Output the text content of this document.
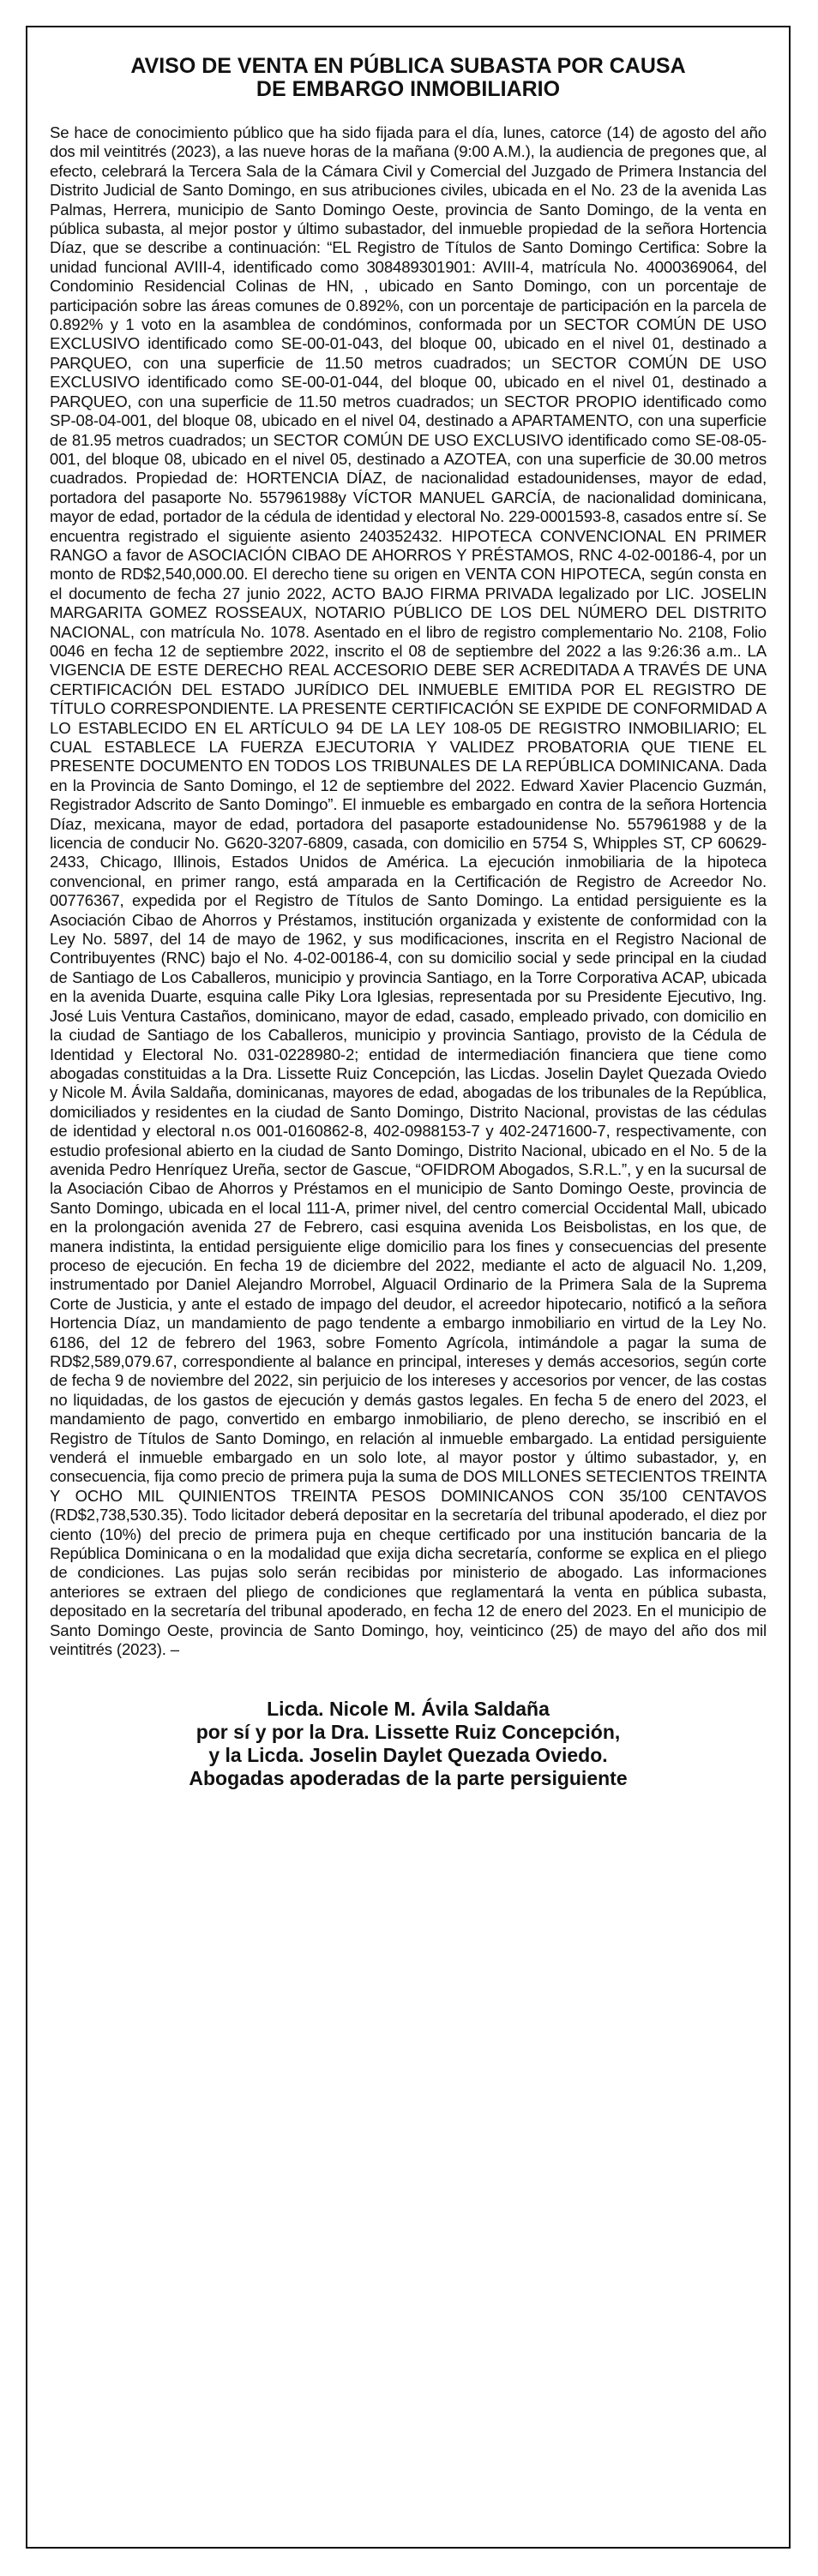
AVISO DE VENTA EN PÚBLICA SUBASTA POR CAUSA
DE EMBARGO INMOBILIARIO

Se hace de conocimiento público que ha sido fijada para el día, lunes, catorce (14) de agosto del año dos mil veintitrés (2023), a las nueve horas de la mañana (9:00 A.M.), la audiencia de pregones que, al efecto, celebrará la Tercera Sala de la Cámara Civil y Comercial del Juzgado de Primera Instancia del Distrito Judicial de Santo Domingo, en sus atribuciones civiles, ubicada en el No. 23 de la avenida Las Palmas, Herrera, municipio de Santo Domingo Oeste, provincia de Santo Domingo, de la venta en pública subasta, al mejor postor y último subastador, del inmueble propiedad de la señora Hortencia Díaz, que se describe a continuación: “EL Registro de Títulos de Santo Domingo Certifica: Sobre la unidad funcional AVIII-4, identificado como 308489301901: AVIII-4, matrícula No. 4000369064, del Condominio Residencial Colinas de HN, , ubicado en Santo Domingo, con un porcentaje de participación sobre las áreas comunes de 0.892%, con un porcentaje de participación en la parcela de 0.892% y 1 voto en la asamblea de condóminos, conformada por un SECTOR COMÚN DE USO EXCLUSIVO identificado como SE-00-01-043, del bloque 00, ubicado en el nivel 01, destinado a PARQUEO, con una superficie de 11.50 metros cuadrados; un SECTOR COMÚN DE USO EXCLUSIVO identificado como SE-00-01-044, del bloque 00, ubicado en el nivel 01, destinado a PARQUEO, con una superficie de 11.50 metros cuadrados; un SECTOR PROPIO identificado como SP-08-04-001, del bloque 08, ubicado en el nivel 04, destinado a APARTAMENTO, con una superficie de 81.95 metros cuadrados; un SECTOR COMÚN DE USO EXCLUSIVO identificado como SE-08-05-001, del bloque 08, ubicado en el nivel 05, destinado a AZOTEA, con una superficie de 30.00 metros cuadrados. Propiedad de: HORTENCIA DÍAZ, de nacionalidad estadounidenses, mayor de edad, portadora del pasaporte No. 557961988y VÍCTOR MANUEL GARCÍA, de nacionalidad dominicana, mayor de edad, portador de la cédula de identidad y electoral No. 229-0001593-8, casados entre sí. Se encuentra registrado el siguiente asiento 240352432. HIPOTECA CONVENCIONAL EN PRIMER RANGO a favor de ASOCIACIÓN CIBAO DE AHORROS Y PRÉSTAMOS, RNC 4-02-00186-4, por un monto de RD$2,540,000.00. El derecho tiene su origen en VENTA CON HIPOTECA, según consta en el documento de fecha 27 junio 2022, ACTO BAJO FIRMA PRIVADA legalizado por LIC. JOSELIN MARGARITA GOMEZ ROSSEAUX, NOTARIO PÚBLICO DE LOS DEL NÚMERO DEL DISTRITO NACIONAL, con matrícula No. 1078. Asentado en el libro de registro complementario No. 2108, Folio 0046 en fecha 12 de septiembre 2022, inscrito el 08 de septiembre del 2022 a las 9:26:36 a.m.. LA VIGENCIA DE ESTE DERECHO REAL ACCESORIO DEBE SER ACREDITADA A TRAVÉS DE UNA CERTIFICACIÓN DEL ESTADO JURÍDICO DEL INMUEBLE EMITIDA POR EL REGISTRO DE TÍTULO CORRESPONDIENTE. LA PRESENTE CERTIFICACIÓN SE EXPIDE DE CONFORMIDAD A LO ESTABLECIDO EN EL ARTÍCULO 94 DE LA LEY 108-05 DE REGISTRO INMOBILIARIO; EL CUAL ESTABLECE LA FUERZA EJECUTORIA Y VALIDEZ PROBATORIA QUE TIENE EL PRESENTE DOCUMENTO EN TODOS LOS TRIBUNALES DE LA REPÚBLICA DOMINICANA. Dada en la Provincia de Santo Domingo, el 12 de septiembre del 2022. Edward Xavier Placencio Guzmán, Registrador Adscrito de Santo Domingo”. El inmueble es embargado en contra de la señora Hortencia Díaz, mexicana, mayor de edad, portadora del pasaporte estadounidense No. 557961988 y de la licencia de conducir No. G620-3207-6809, casada, con domicilio en 5754 S, Whipples ST, CP 60629-2433, Chicago, Illinois, Estados Unidos de América. La ejecución inmobiliaria de la hipoteca convencional, en primer rango, está amparada en la Certificación de Registro de Acreedor No. 00776367, expedida por el Registro de Títulos de Santo Domingo. La entidad persiguiente es la Asociación Cibao de Ahorros y Préstamos, institución organizada y existente de conformidad con la Ley No. 5897, del 14 de mayo de 1962, y sus modificaciones, inscrita en el Registro Nacional de Contribuyentes (RNC) bajo el No. 4-02-00186-4, con su domicilio social y sede principal en la ciudad de Santiago de Los Caballeros, municipio y provincia Santiago, en la Torre Corporativa ACAP, ubicada en la avenida Duarte, esquina calle Piky Lora Iglesias, representada por su Presidente Ejecutivo, Ing. José Luis Ventura Castaños, dominicano, mayor de edad, casado, empleado privado, con domicilio en la ciudad de Santiago de los Caballeros, municipio y provincia Santiago, provisto de la Cédula de Identidad y Electoral No. 031-0228980-2; entidad de intermediación financiera que tiene como abogadas constituidas a la Dra. Lissette Ruiz Concepción, las Licdas. Joselin Daylet Quezada Oviedo y Nicole M. Ávila Saldaña, dominicanas, mayores de edad, abogadas de los tribunales de la República, domiciliados y residentes en la ciudad de Santo Domingo, Distrito Nacional, provistas de las cédulas de identidad y electoral n.os 001-0160862-8, 402-0988153-7 y 402-2471600-7, respectivamente, con estudio profesional abierto en la ciudad de Santo Domingo, Distrito Nacional, ubicado en el No. 5 de la avenida Pedro Henríquez Ureña, sector de Gascue, “OFIDROM Abogados, S.R.L.”, y en la sucursal de la Asociación Cibao de Ahorros y Préstamos en el municipio de Santo Domingo Oeste, provincia de Santo Domingo, ubicada en el local 111-A, primer nivel, del centro comercial Occidental Mall, ubicado en la prolongación avenida 27 de Febrero, casi esquina avenida Los Beisbolistas, en los que, de manera indistinta, la entidad persiguiente elige domicilio para los fines y consecuencias del presente proceso de ejecución. En fecha 19 de diciembre del 2022, mediante el acto de alguacil No. 1,209, instrumentado por Daniel Alejandro Morrobel, Alguacil Ordinario de la Primera Sala de la Suprema Corte de Justicia, y ante el estado de impago del deudor, el acreedor hipotecario, notificó a la señora Hortencia Díaz, un mandamiento de pago tendente a embargo inmobiliario en virtud de la Ley No. 6186, del 12 de febrero del 1963, sobre Fomento Agrícola, intimándole a pagar la suma de RD$2,589,079.67, correspondiente al balance en principal, intereses y demás accesorios, según corte de fecha 9 de noviembre del 2022, sin perjuicio de los intereses y accesorios por vencer, de las costas no liquidadas, de los gastos de ejecución y demás gastos legales. En fecha 5 de enero del 2023, el mandamiento de pago, convertido en embargo inmobiliario, de pleno derecho, se inscribió en el Registro de Títulos de Santo Domingo, en relación al inmueble embargado. La entidad persiguiente venderá el inmueble embargado en un solo lote, al mayor postor y último subastador, y, en consecuencia, fija como precio de primera puja la suma de DOS MILLONES SETECIENTOS TREINTA Y OCHO MIL QUINIENTOS TREINTA PESOS DOMINICANOS CON 35/100 CENTAVOS (RD$2,738,530.35). Todo licitador deberá depositar en la secretaría del tribunal apoderado, el diez por ciento (10%) del precio de primera puja en cheque certificado por una institución bancaria de la República Dominicana o en la modalidad que exija dicha secretaría, conforme se explica en el pliego de condiciones. Las pujas solo serán recibidas por ministerio de abogado. Las informaciones anteriores se extraen del pliego de condiciones que reglamentará la venta en pública subasta, depositado en la secretaría del tribunal apoderado, en fecha 12 de enero del 2023. En el municipio de Santo Domingo Oeste, provincia de Santo Domingo, hoy, veinticinco (25) de mayo del año dos mil veintitrés (2023). –

Licda. Nicole M. Ávila Saldaña
por sí y por la Dra. Lissette Ruiz Concepción,
y la Licda. Joselin Daylet Quezada Oviedo.
Abogadas apoderadas de la parte persiguiente
